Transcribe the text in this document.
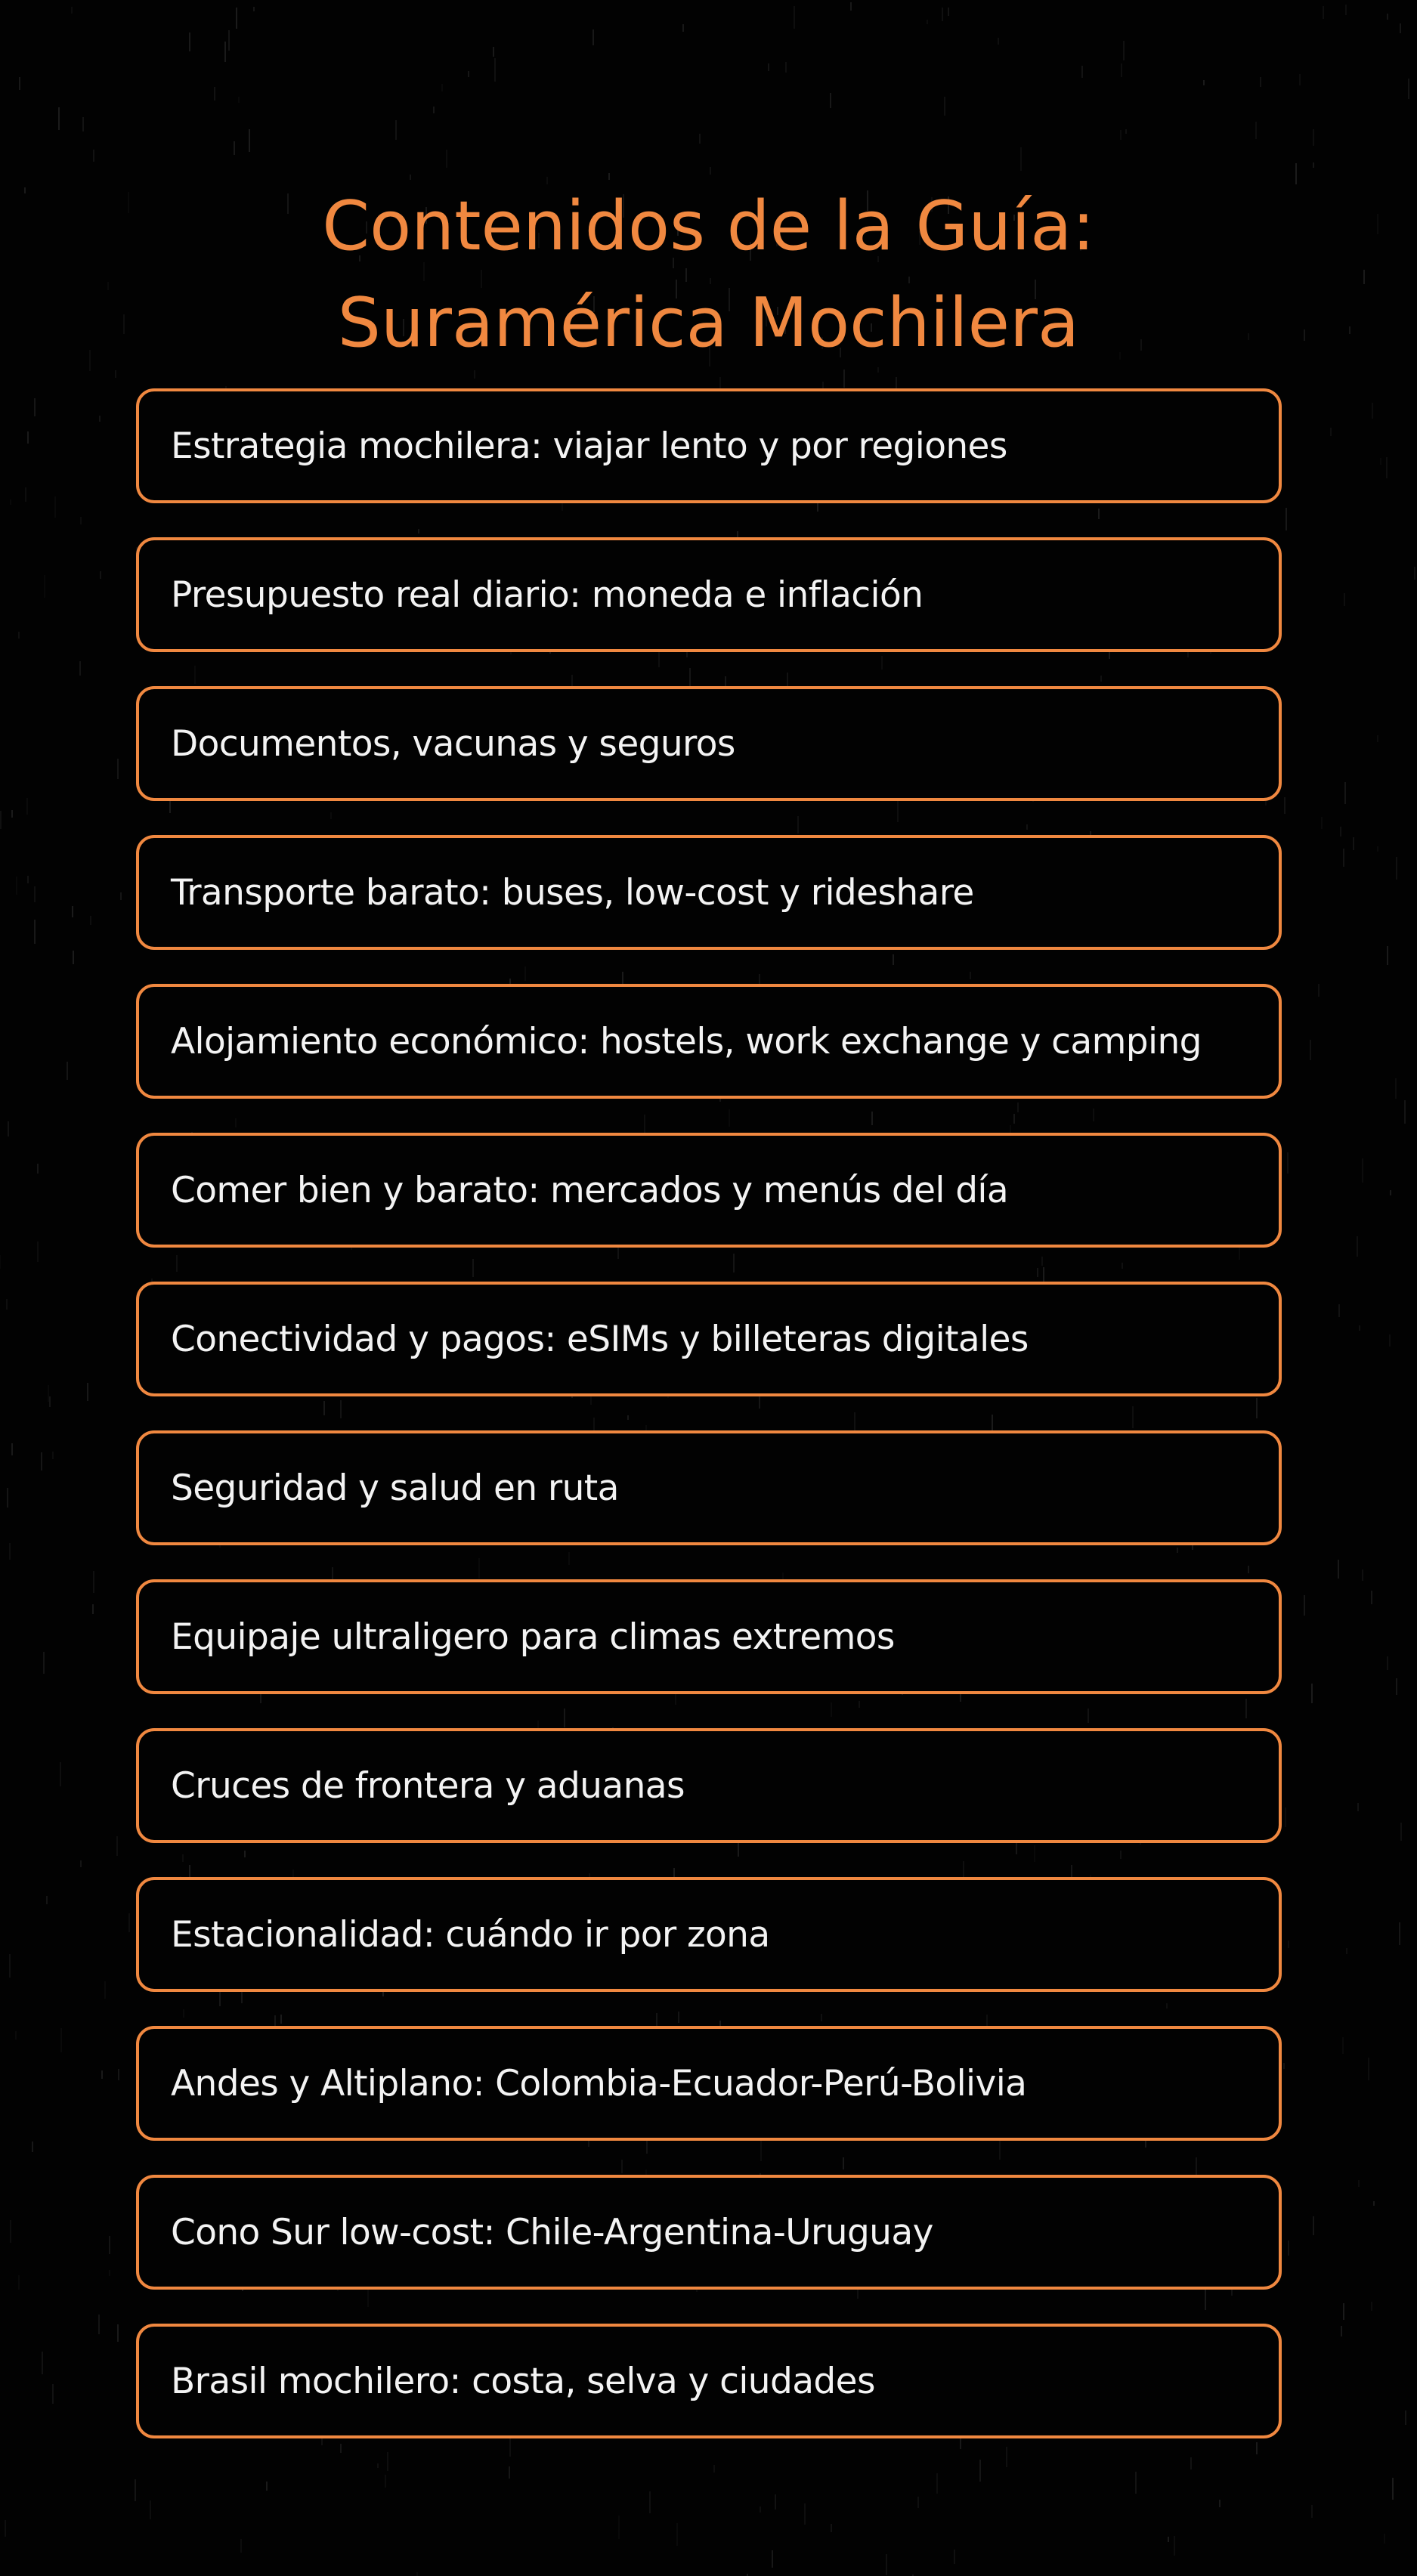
Contenidos de la Guía:
Suramérica Mochilera
Estrategia mochilera: viajar lento y por regiones
Presupuesto real diario: moneda e inflación
Documentos, vacunas y seguros
Transporte barato: buses, low-cost y rideshare
Alojamiento económico: hostels, work exchange y camping
Comer bien y barato: mercados y menús del día
Conectividad y pagos: eSIMs y billeteras digitales
Seguridad y salud en ruta
Equipaje ultraligero para climas extremos
Cruces de frontera y aduanas
Estacionalidad: cuándo ir por zona
Andes y Altiplano: Colombia-Ecuador-Perú-Bolivia
Cono Sur low-cost: Chile-Argentina-Uruguay
Brasil mochilero: costa, selva y ciudades
